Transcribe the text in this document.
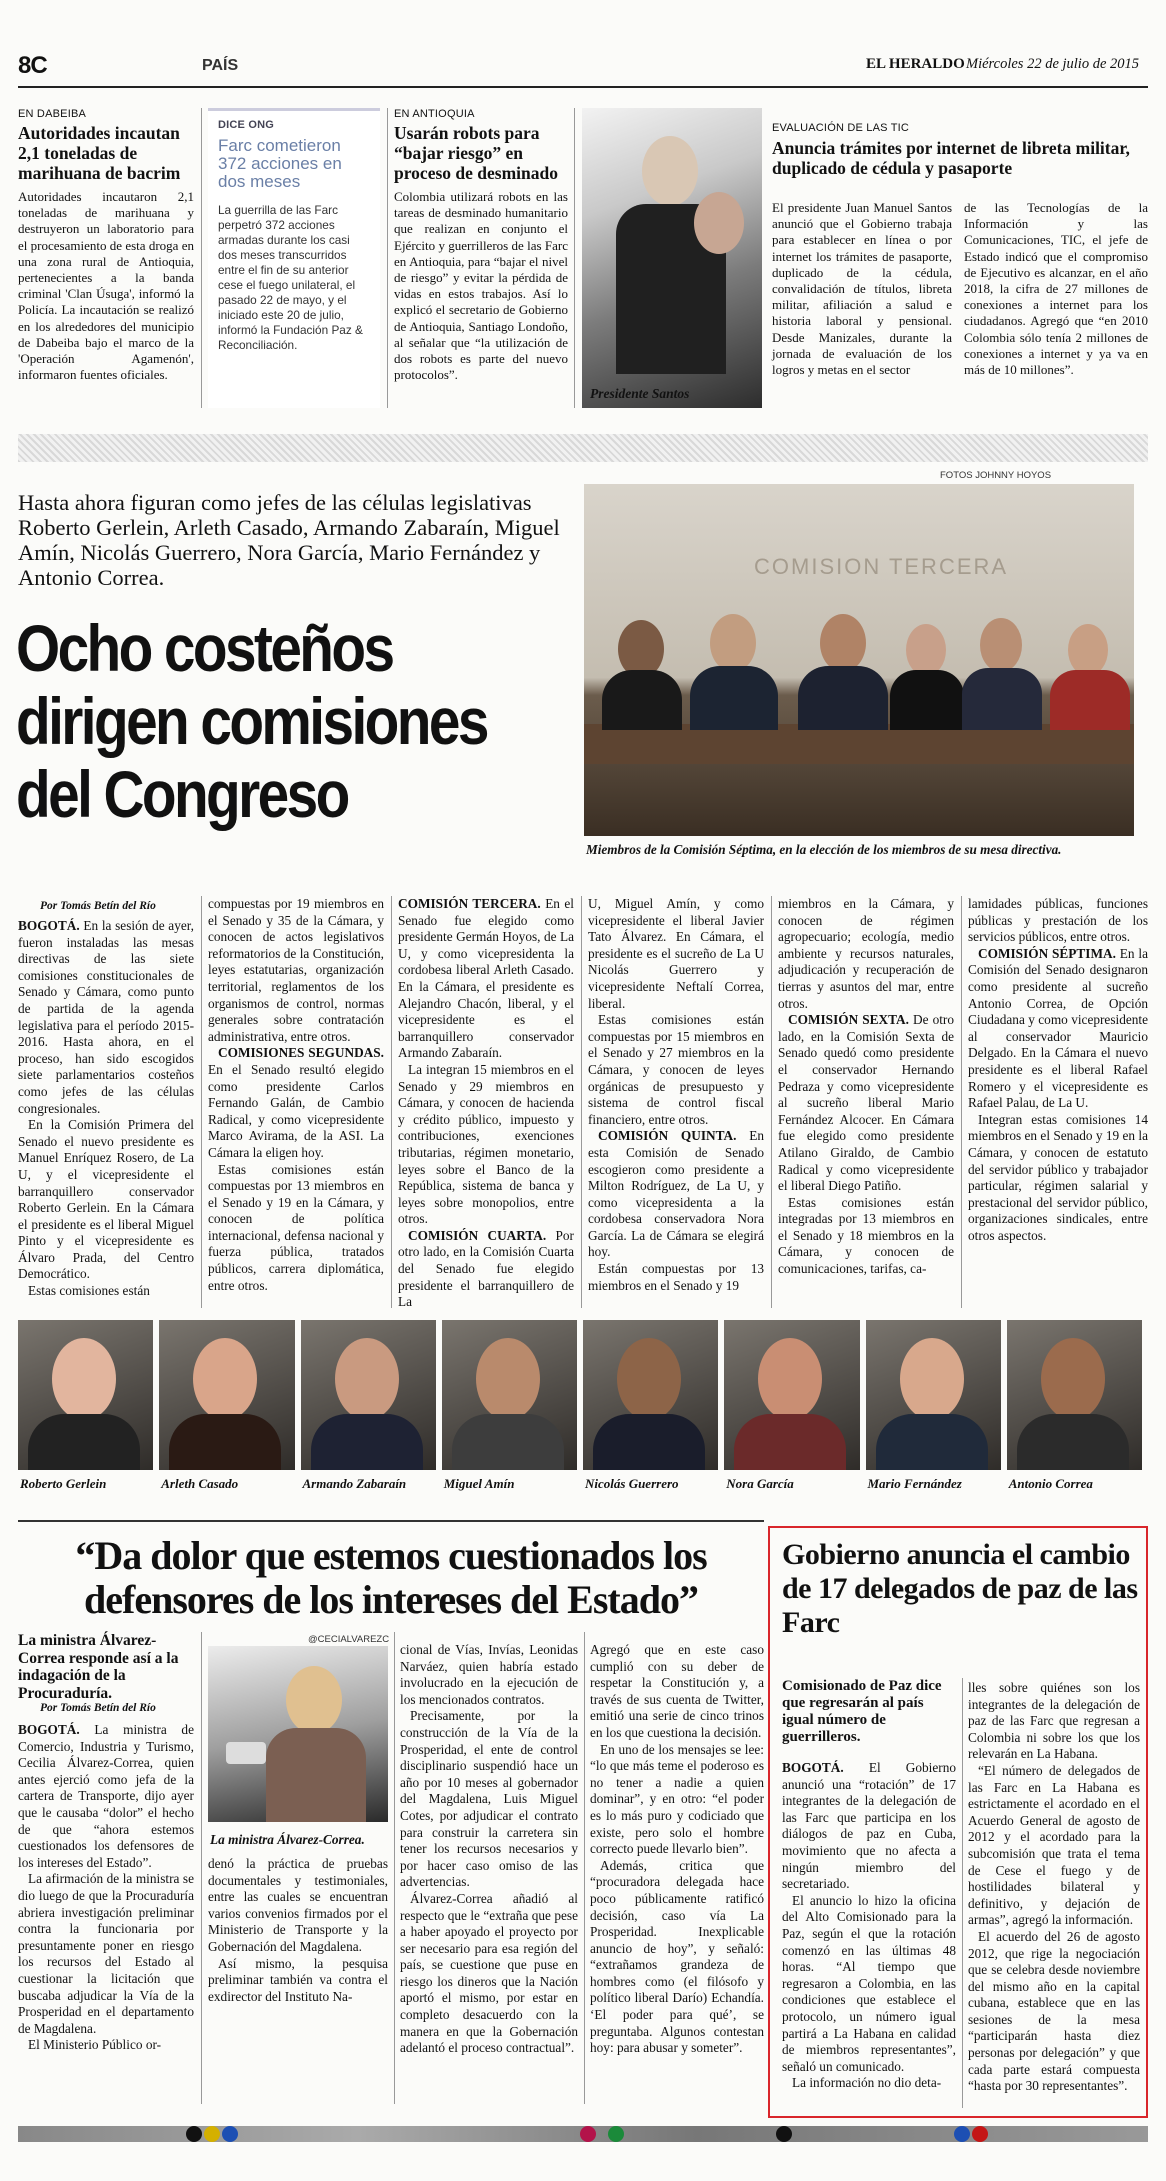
8C	PAÍS	EL HERALDO Miércoles 22 de julio de 2015
EN DABEIBA
Autoridades incautan 2,1 toneladas de marihuana de bacrim
Autoridades incautaron 2,1 toneladas de marihuana y destruyeron un laboratorio para el procesamiento de esta droga en una zona rural de Antioquia, pertenecientes a la banda criminal 'Clan Úsuga', informó la Policía. La incautación se realizó en los alrededores del municipio de Dabeiba bajo el marco de la 'Operación Agamenón', informaron fuentes oficiales.
DICE ONG
Farc cometieron 372 acciones en dos meses
La guerrilla de las Farc perpetró 372 acciones armadas durante los casi dos meses transcurridos entre el fin de su anterior cese el fuego unilateral, el pasado 22 de mayo, y el iniciado este 20 de julio, informó la Fundación Paz & Reconciliación.
EN ANTIOQUIA
Usarán robots para “bajar riesgo” en proceso de desminado
Colombia utilizará robots en las tareas de desminado humanitario que realizan en conjunto el Ejército y guerrilleros de las Farc en Antioquia, para “bajar el nivel de riesgo” y evitar la pérdida de vidas en estos trabajos. Así lo explicó el secretario de Gobierno de Antioquia, Santiago Londoño, al señalar que “la utilización de dos robots es parte del nuevo protocolos”.
Presidente Santos
EVALUACIÓN DE LAS TIC
Anuncia trámites por internet de libreta militar, duplicado de cédula y pasaporte
El presidente Juan Manuel Santos anunció que el Gobierno trabaja para establecer en línea o por internet los trámites de pasaporte, duplicado de la cédula, convalidación de títulos, libreta militar, afiliación a salud e historia laboral y pensional. Desde Manizales, durante la jornada de evaluación de los logros y metas en el sector
de las Tecnologías de la Información y las Comunicaciones, TIC, el jefe de Estado indicó que el compromiso de Ejecutivo es alcanzar, en el año 2018, la cifra de 27 millones de conexiones a internet para los ciudadanos. Agregó que “en 2010 Colombia sólo tenía 2 millones de conexiones a internet y ya va en más de 10 millones”.
Hasta ahora figuran como jefes de las células legislativas Roberto Gerlein, Arleth Casado, Armando Zabaraín, Miguel Amín, Nicolás Guerrero, Nora García, Mario Fernández y Antonio Correa.
Ocho costeños dirigen comisiones del Congreso
FOTOS JOHNNY HOYOS
COMISION TERCERA
Miembros de la Comisión Séptima, en la elección de los miembros de su mesa directiva.
Por Tomás Betín del Río

BOGOTÁ. En la sesión de ayer, fueron instaladas las mesas directivas de las siete comisiones constitucionales de Senado y Cámara, como punto de partida de la agenda legislativa para el período 2015-2016. Hasta ahora, en el proceso, han sido escogidos siete parlamentarios costeños como jefes de las células congresionales.

En la Comisión Primera del Senado el nuevo presidente es Manuel Enríquez Rosero, de La U, y el vicepresidente el barranquillero conservador Roberto Gerlein. En la Cámara el presidente es el liberal Miguel Pinto y el vicepresidente es Álvaro Prada, del Centro Democrático.

Estas comisiones están

compuestas por 19 miembros en el Senado y 35 de la Cámara, y conocen de actos legislativos reformatorios de la Constitución, leyes estatutarias, organización territorial, reglamentos de los organismos de control, normas generales sobre contratación administrativa, entre otros.

COMISIONES SEGUNDAS. En el Senado resultó elegido como presidente Carlos Fernando Galán, de Cambio Radical, y como vicepresidente Marco Avirama, de la ASI. La Cámara la eligen hoy.

Estas comisiones están compuestas por 13 miembros en el Senado y 19 en la Cámara, y conocen de política internacional, defensa nacional y fuerza pública, tratados públicos, carrera diplomática, entre otros.

COMISIÓN TERCERA. En el Senado fue elegido como presidente Germán Hoyos, de La U, y como vicepresidenta la cordobesa liberal Arleth Casado. En la Cámara, el presidente es Alejandro Chacón, liberal, y el vicepresidente es el barranquillero conservador Armando Zabaraín.

La integran 15 miembros en el Senado y 29 miembros en Cámara, y conocen de hacienda y crédito público, impuesto y contribuciones, exenciones tributarias, régimen monetario, leyes sobre el Banco de la República, sistema de banca y leyes sobre monopolios, entre otros.

COMISIÓN CUARTA. Por otro lado, en la Comisión Cuarta del Senado fue elegido presidente el barranquillero de La

U, Miguel Amín, y como vicepresidente el liberal Javier Tato Álvarez. En Cámara, el presidente es el sucreño de La U Nicolás Guerrero y vicepresidente Neftalí Correa, liberal.

Estas comisiones están compuestas por 15 miembros en el Senado y 27 miembros en la Cámara, y conocen de leyes orgánicas de presupuesto y sistema de control fiscal financiero, entre otros.

COMISIÓN QUINTA. En esta Comisión de Senado escogieron como presidente a Milton Rodríguez, de La U, y como vicepresidenta a la cordobesa conservadora Nora García. La de Cámara se elegirá hoy.

Están compuestas por 13 miembros en el Senado y 19

miembros en la Cámara, y conocen de régimen agropecuario; ecología, medio ambiente y recursos naturales, adjudicación y recuperación de tierras y asuntos del mar, entre otros.

COMISIÓN SEXTA. De otro lado, en la Comisión Sexta de Senado quedó como presidente el conservador Hernando Pedraza y como vicepresidente al sucreño liberal Mario Fernández Alcocer. En Cámara fue elegido como presidente Atilano Giraldo, de Cambio Radical y como vicepresidente el liberal Diego Patiño.

Estas comisiones están integradas por 13 miembros en el Senado y 18 miembros en la Cámara, y conocen de comunicaciones, tarifas, ca-

lamidades públicas, funciones públicas y prestación de los servicios públicos, entre otros.

COMISIÓN SÉPTIMA. En la Comisión del Senado designaron como presidente al sucreño Antonio Correa, de Opción Ciudadana y como vicepresidente al conservador Mauricio Delgado. En la Cámara el nuevo presidente es el liberal Rafael Romero y el vicepresidente es Rafael Palau, de La U.

Integran estas comisiones 14 miembros en el Senado y 19 en la Cámara, y conocen de estatuto del servidor público y trabajador particular, régimen salarial y prestacional del servidor público, organizaciones sindicales, entre otros aspectos.

Roberto Gerlein	Arleth Casado	Armando Zabaraín	Miguel Amín	Nicolás Guerrero	Nora García	Mario Fernández	Antonio Correa
“Da dolor que estemos cuestionados los defensores de los intereses del Estado”
La ministra Álvarez-Correa responde así a la indagación de la Procuraduría.
Por Tomás Betín del Río

BOGOTÁ. La ministra de Comercio, Industria y Turismo, Cecilia Álvarez-Correa, quien antes ejerció como jefa de la cartera de Transporte, dijo ayer que le causaba “dolor” el hecho de que “ahora estemos cuestionados los defensores de los intereses del Estado”.

La afirmación de la ministra se dio luego de que la Procuraduría abriera investigación preliminar contra la funcionaria por presuntamente poner en riesgo los recursos del Estado al cuestionar la licitación que buscaba adjudicar la Vía de la Prosperidad en el departamento de Magdalena.

El Ministerio Público or-

@CECIALVAREZC
La ministra Álvarez-Correa.

denó la práctica de pruebas documentales y testimoniales, entre las cuales se encuentran varios convenios firmados por el Ministerio de Transporte y la Gobernación del Magdalena.

Así mismo, la pesquisa preliminar también va contra el exdirector del Instituto Na-

cional de Vías, Invías, Leonidas Narváez, quien habría estado involucrado en la ejecución de los mencionados contratos.

Precisamente, por la construcción de la Vía de la Prosperidad, el ente de control disciplinario suspendió hace un año por 10 meses al gobernador del Magdalena, Luis Miguel Cotes, por adjudicar el contrato para construir la carretera sin tener los recursos necesarios y por hacer caso omiso de las advertencias.

Álvarez-Correa añadió al respecto que le “extraña que pese a haber apoyado el proyecto por ser necesario para esa región del país, se cuestione que puse en riesgo los dineros que la Nación aportó el mismo, por estar en completo desacuerdo con la manera en que la Gobernación adelantó el proceso contractual”.

Agregó que en este caso cumplió con su deber de respetar la Constitución y, a través de sus cuenta de Twitter, emitió una serie de cinco trinos en los que cuestiona la decisión.

En uno de los mensajes se lee: “lo que más teme el poderoso es no tener a nadie a quien dominar”, y en otro: “el poder es lo más puro y codiciado que existe, pero solo el hombre correcto puede llevarlo bien”.

Además, critica que “procuradora delegada hace poco públicamente ratificó decisión, caso vía La Prosperidad. Inexplicable anuncio de hoy”, y señaló: “extrañamos grandeza de hombres como (el filósofo y político liberal Darío) Echandía. ‘El poder para qué’, se preguntaba. Algunos contestan hoy: para abusar y someter”.

Gobierno anuncia el cambio de 17 delegados de paz de las Farc
Comisionado de Paz dice que regresarán al país igual número de guerrilleros.

BOGOTÁ. El Gobierno anunció una “rotación” de 17 integrantes de la delegación de las Farc que participa en los diálogos de paz en Cuba, movimiento que no afecta a ningún miembro del secretariado.

El anuncio lo hizo la oficina del Alto Comisionado para la Paz, según el que la rotación comenzó en las últimas 48 horas. “Al tiempo que regresaron a Colombia, en las condiciones que establece el protocolo, un número igual partirá a La Habana en calidad de miembros representantes”, señaló un comunicado.

La información no dio deta-

lles sobre quiénes son los integrantes de la delegación de paz de las Farc que regresan a Colombia ni sobre los que los relevarán en La Habana.

“El número de delegados de las Farc en La Habana es estrictamente el acordado en el Acuerdo General de agosto de 2012 y el acordado para la subcomisión que trata el tema de Cese el fuego y de hostilidades bilateral y definitivo, y dejación de armas”, agregó la información.

El acuerdo del 26 de agosto 2012, que rige la negociación que se celebra desde noviembre del mismo año en la capital cubana, establece que en las sesiones de la mesa “participarán hasta diez personas por delegación” y que cada parte estará compuesta “hasta por 30 representantes”.
